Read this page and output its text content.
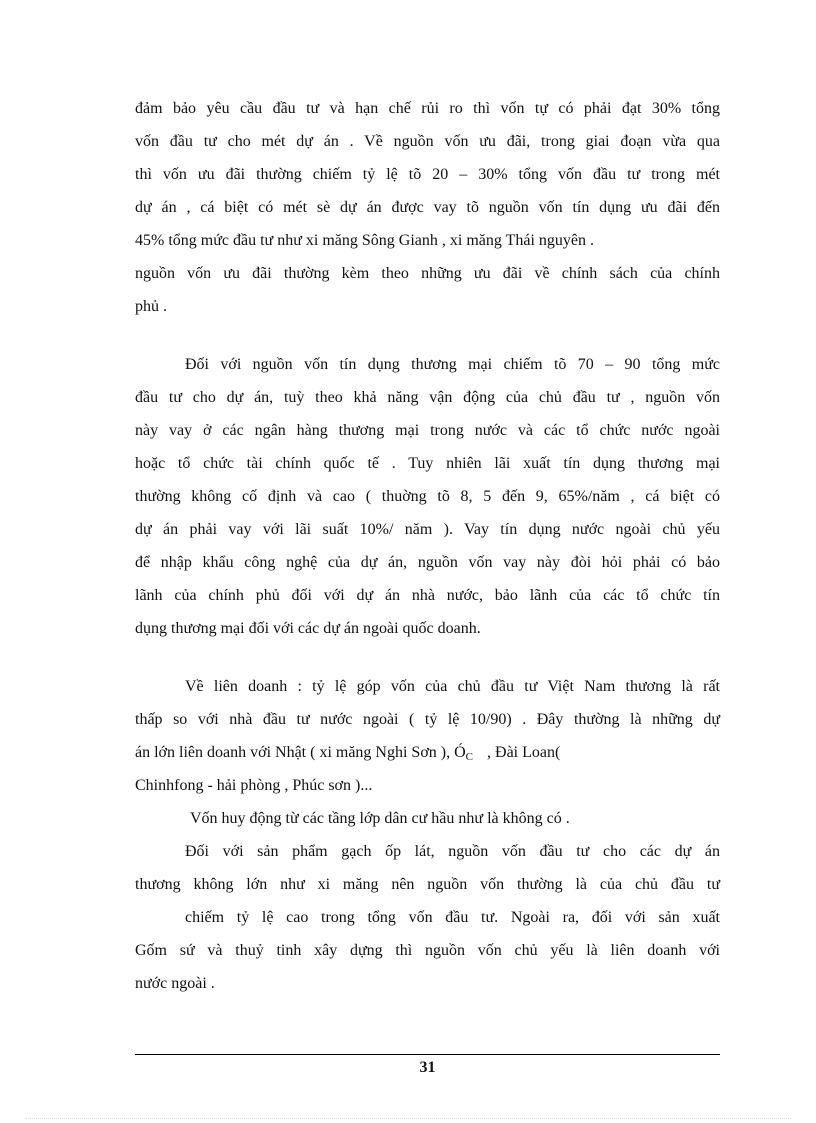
đảm bảo yêu cầu đầu tư và hạn chế rủi ro thì vốn tự có phải đạt 30% tổng
vốn đầu tư cho mét dự án . Về nguồn vốn ưu đãi, trong giai đoạn vừa qua
thì vốn ưu đãi thường chiếm tỷ lệ tõ 20 – 30% tổng vốn đầu tư trong mét
dự án , cá biệt có mét sè dự án được vay tõ nguồn vốn tín dụng ưu đãi đến
45% tổng mức đầu tư như xi măng Sông Gianh , xi măng Thái nguyên .
nguồn vốn ưu đãi thường kèm theo những ưu đãi về chính sách của chính
phủ .
Đối với nguồn vốn tín dụng thương mại chiếm tõ 70 – 90 tổng mức
đầu tư cho dự án, tuỳ theo khả năng vận động của chủ đầu tư , nguồn vốn
này vay ở các ngân hàng thương mại trong nước và các tổ chức nước ngoài
hoặc tổ chức tài chính quốc tế . Tuy nhiên lãi xuất tín dụng thương mại
thường không cố định và cao ( thuờng tõ 8, 5 đến 9, 65%/năm , cá biệt có
dự án phải vay với lãi suất 10%/ năm ). Vay tín dụng nước ngoài chủ yếu
để nhập khẩu công nghệ của dự án, nguồn vốn vay này đòi hỏi phải có bảo
lãnh của chính phủ đối với dự án nhà nước, bảo lãnh của các tổ chức tín
dụng thương mại đối với các dự án ngoài quốc doanh.
Về liên doanh : tỷ lệ góp vốn của chủ đầu tư Việt Nam thương là rất
thấp so với nhà đầu tư nước ngoài ( tỷ lệ 10/90) . Đây thường là những dự
án lớn liên doanh với Nhật ( xi măng Nghi Sơn ), $Ó_C$ , Đài Loan(
Chinhfong - hải phòng , Phúc sơn )...
Vốn huy động từ các tầng lớp dân cư hầu như là không có .
Đối với sản phẩm gạch ốp lát, nguồn vốn đầu tư cho các dự án
thương không lớn như xi măng nên nguồn vốn thường là của chủ đầu tư
chiếm tỷ lệ cao trong tổng vốn đầu tư. Ngoài ra, đối với sản xuất
Gốm sứ và thuỷ tinh xây dựng thì nguồn vốn chủ yếu là liên doanh với
nước ngoài .
31
